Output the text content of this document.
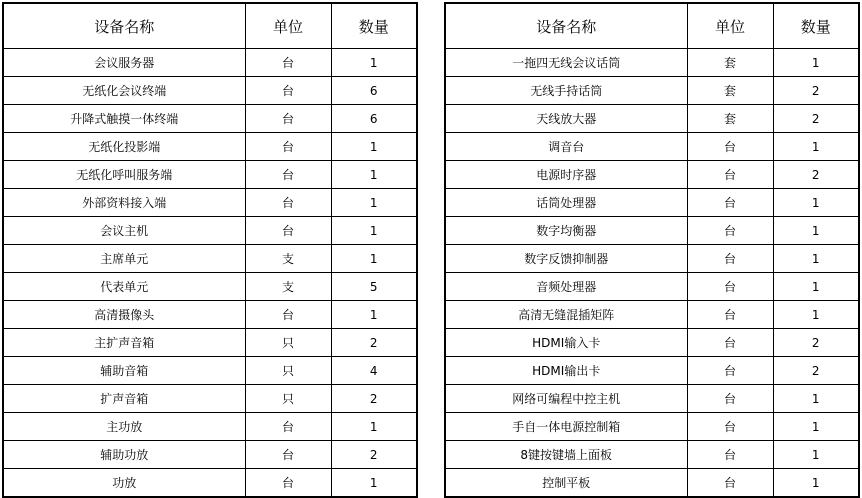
设备名称	单位	数量
会议服务器	台	1
无纸化会议终端	台	6
升降式触摸一体终端	台	6
无纸化投影端	台	1
无纸化呼叫服务端	台	1
外部资料接入端	台	1
会议主机	台	1
主席单元	支	1
代表单元	支	5
高清摄像头	台	1
主扩声音箱	只	2
辅助音箱	只	4
扩声音箱	只	2
主功放	台	1
辅助功放	台	2
功放	台	1
设备名称	单位	数量
一拖四无线会议话筒	套	1
无线手持话筒	套	2
天线放大器	套	2
调音台	台	1
电源时序器	台	2
话筒处理器	台	1
数字均衡器	台	1
数字反馈抑制器	台	1
音频处理器	台	1
高清无缝混插矩阵	台	1
HDMI输入卡	台	2
HDMI输出卡	台	2
网络可编程中控主机	台	1
手自一体电源控制箱	台	1
8键按键墙上面板	台	1
控制平板	台	1
